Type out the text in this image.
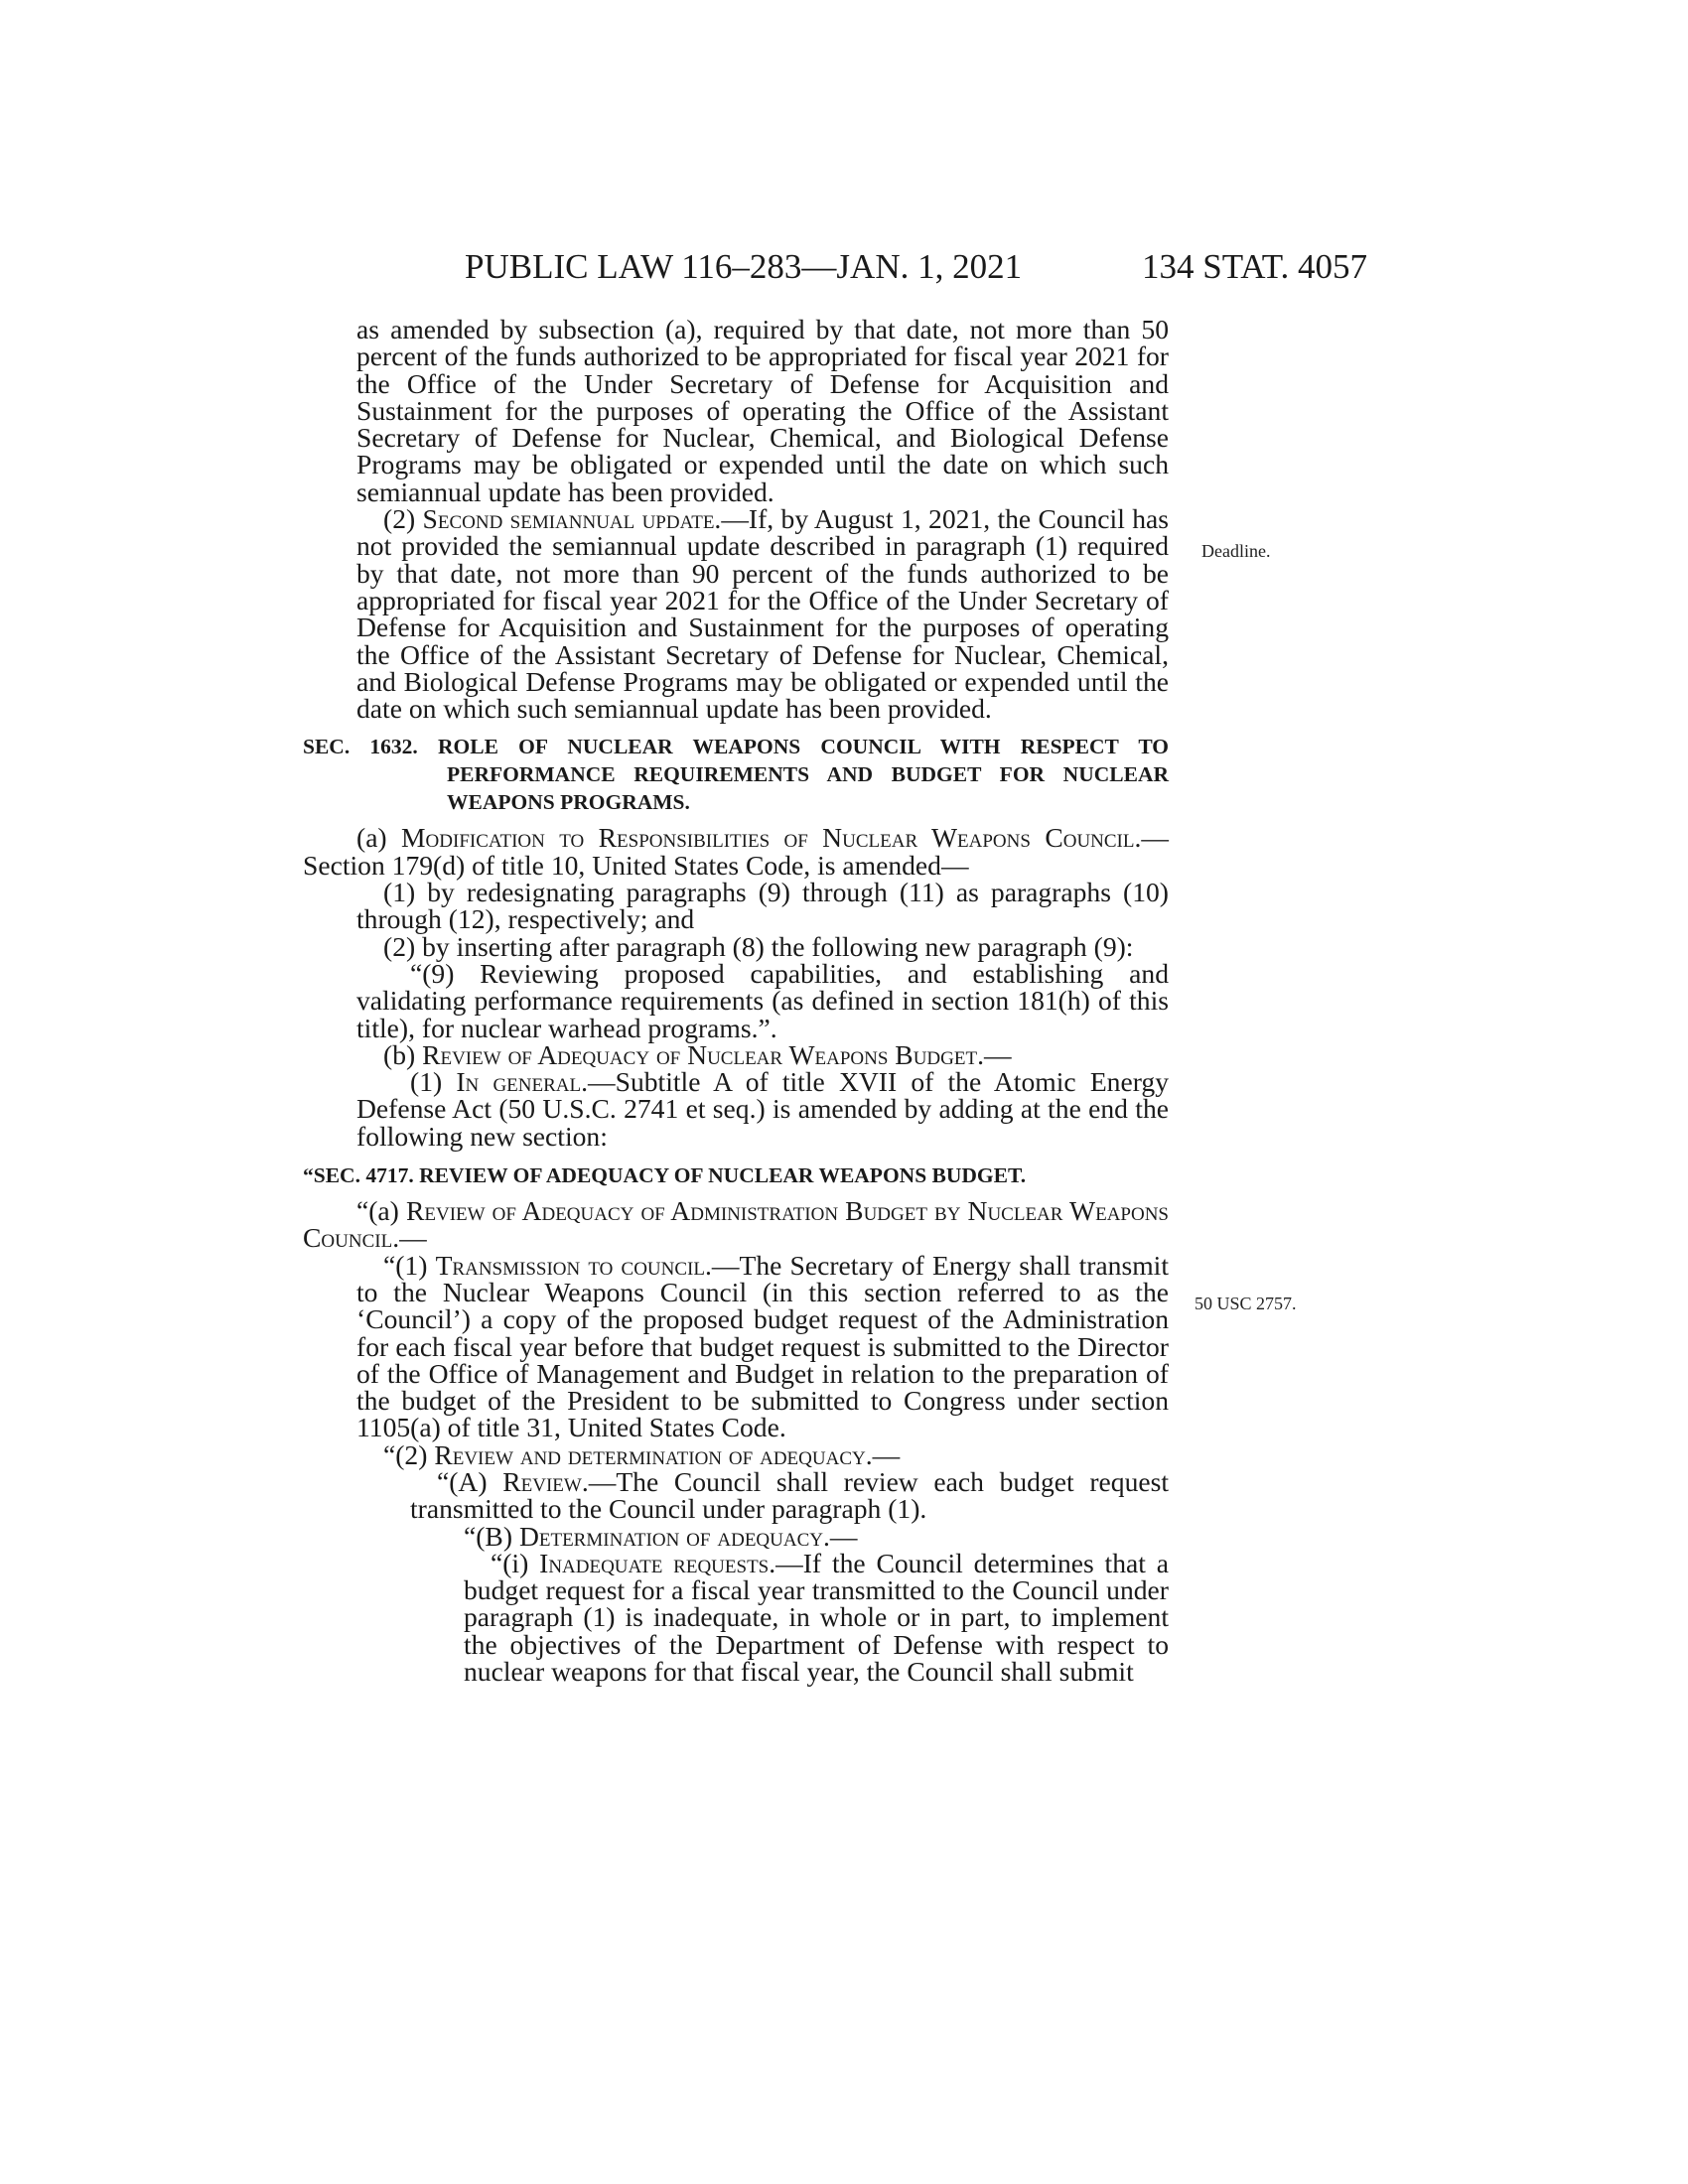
PUBLIC LAW 116–283—JAN. 1, 2021	134 STAT. 4057
Deadline.
50 USC 2757.

as amended by subsection (a), required by that date, not more than 50 percent of the funds authorized to be appropriated for fiscal year 2021 for the Office of the Under Secretary of Defense for Acquisition and Sustainment for the purposes of operating the Office of the Assistant Secretary of Defense for Nuclear, Chemical, and Biological Defense Programs may be obligated or expended until the date on which such semiannual update has been provided.

(2) Second semiannual update.—If, by August 1, 2021, the Council has not provided the semiannual update described in paragraph (1) required by that date, not more than 90 percent of the funds authorized to be appropriated for fiscal year 2021 for the Office of the Under Secretary of Defense for Acquisition and Sustainment for the purposes of operating the Office of the Assistant Secretary of Defense for Nuclear, Chemical, and Biological Defense Programs may be obligated or expended until the date on which such semiannual update has been provided.

SEC. 1632. ROLE OF NUCLEAR WEAPONS COUNCIL WITH RESPECT TO PERFORMANCE REQUIREMENTS AND BUDGET FOR NUCLEAR WEAPONS PROGRAMS.

(a) Modification to Responsibilities of Nuclear Weapons Council.—Section 179(d) of title 10, United States Code, is amended—

(1) by redesignating paragraphs (9) through (11) as paragraphs (10) through (12), respectively; and

(2) by inserting after paragraph (8) the following new paragraph (9):

“(9) Reviewing proposed capabilities, and establishing and validating performance requirements (as defined in section 181(h) of this title), for nuclear warhead programs.”.

(b) Review of Adequacy of Nuclear Weapons Budget.—

(1) In general.—Subtitle A of title XVII of the Atomic Energy Defense Act (50 U.S.C. 2741 et seq.) is amended by adding at the end the following new section:

“SEC. 4717. REVIEW OF ADEQUACY OF NUCLEAR WEAPONS BUDGET.

“(a) Review of Adequacy of Administration Budget by Nuclear Weapons Council.—

“(1) Transmission to council.—The Secretary of Energy shall transmit to the Nuclear Weapons Council (in this section referred to as the ‘Council’) a copy of the proposed budget request of the Administration for each fiscal year before that budget request is submitted to the Director of the Office of Management and Budget in relation to the preparation of the budget of the President to be submitted to Congress under section 1105(a) of title 31, United States Code.

“(2) Review and determination of adequacy.—

“(A) Review.—The Council shall review each budget request transmitted to the Council under paragraph (1).

“(B) Determination of adequacy.—

“(i) Inadequate requests.—If the Council determines that a budget request for a fiscal year transmitted to the Council under paragraph (1) is inadequate, in whole or in part, to implement the objectives of the Department of Defense with respect to nuclear weapons for that fiscal year, the Council shall submit
